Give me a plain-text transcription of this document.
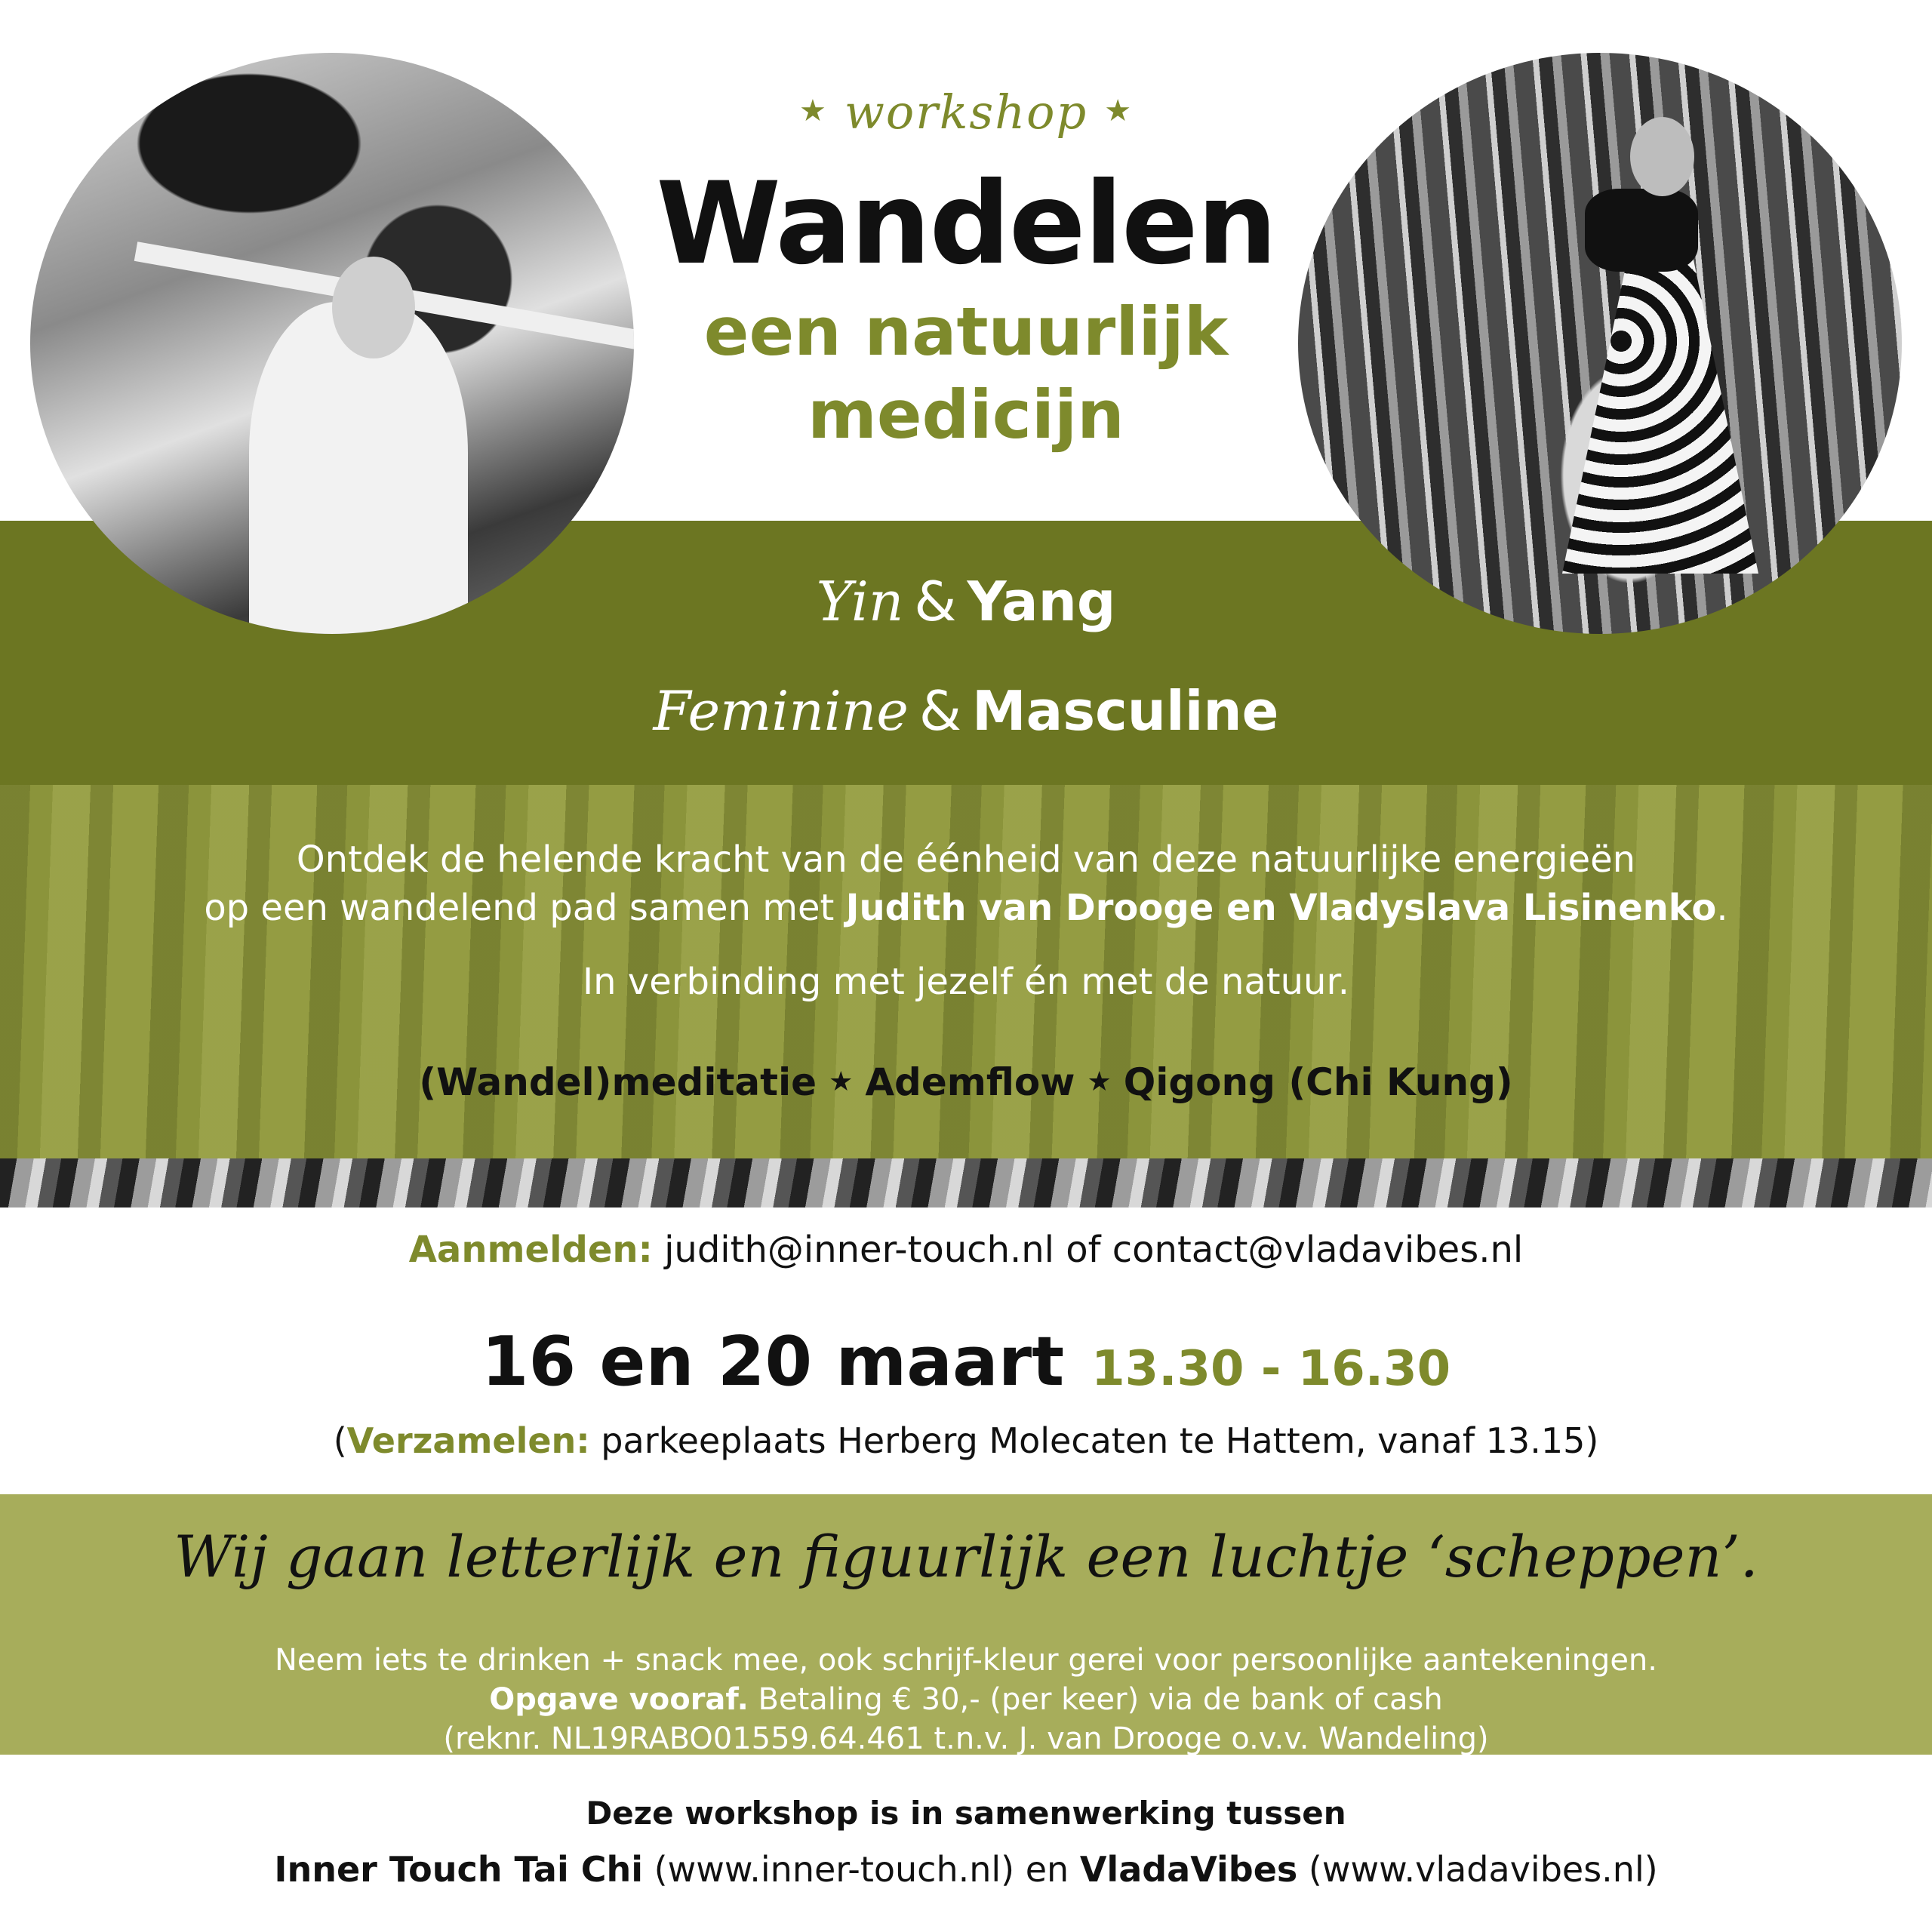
★ workshop ★
Wandelen
een natuurlijk
medicijn
Yin & Yang
Feminine & Masculine
Ontdek de helende kracht van de éénheid van deze natuurlijke energieën
op een wandelend pad samen met Judith van Drooge en Vladyslava Lisinenko.
In verbinding met jezelf én met de natuur.
(Wandel)meditatie ★ Ademflow ★ Qigong (Chi Kung)
Aanmelden: judith@inner-touch.nl of contact@vladavibes.nl
16 en 20 maart 13.30 - 16.30
(Verzamelen: parkeeplaats Herberg Molecaten te Hattem, vanaf 13.15)
Wij gaan letterlijk en figuurlijk een luchtje ‘scheppen’.
Neem iets te drinken + snack mee, ook schrijf-kleur gerei voor persoonlijke aantekeningen.
Opgave vooraf. Betaling € 30,- (per keer) via de bank of cash
(reknr. NL19RABO01559.64.461 t.n.v. J. van Drooge o.v.v. Wandeling)
Deze workshop is in samenwerking tussen
Inner Touch Tai Chi (www.inner-touch.nl) en VladaVibes (www.vladavibes.nl)
